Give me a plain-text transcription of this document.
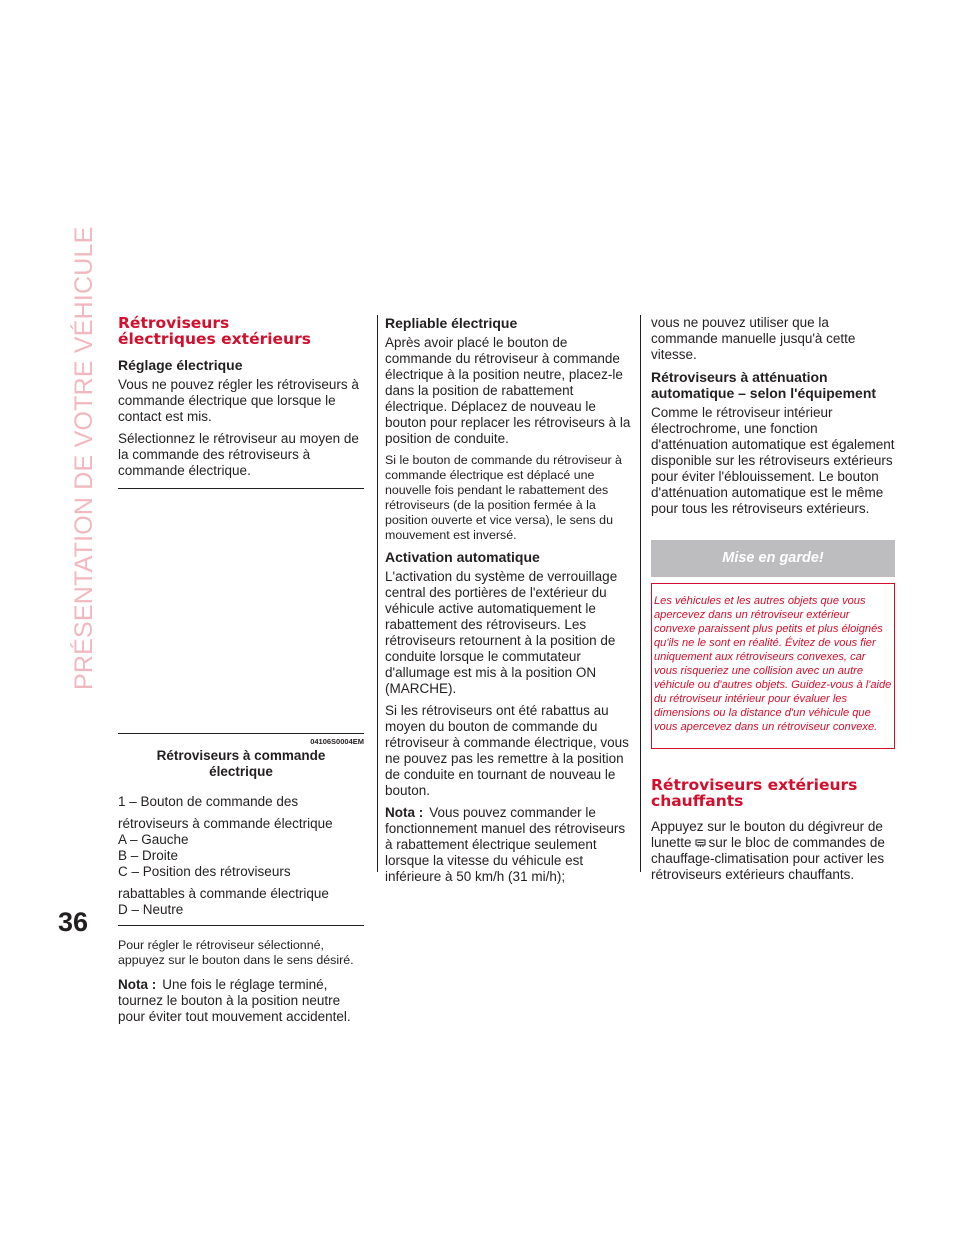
PRÉSENTATION DE VOTRE VÉHICULE
36
Rétroviseurs
électriques extérieurs
Réglage électrique

Vous ne pouvez régler les rétroviseurs à commande électrique que lorsque le contact est mis.

Sélectionnez le rétroviseur au moyen de la commande des rétroviseurs à commande électrique.

04106S0004EM
Rétroviseurs à commande
électrique

1 – Bouton de commande des

rétroviseurs à commande électrique

A – Gauche

B – Droite

C – Position des rétroviseurs

rabattables à commande électrique

D – Neutre

Pour régler le rétroviseur sélectionné, appuyez sur le bouton dans le sens désiré.

Nota : Une fois le réglage terminé, tournez le bouton à la position neutre pour éviter tout mouvement accidentel.

Repliable électrique

Après avoir placé le bouton de commande du rétroviseur à commande électrique à la position neutre, placez-le dans la position de rabattement électrique. Déplacez de nouveau le bouton pour replacer les rétroviseurs à la position de conduite.

Si le bouton de commande du rétroviseur à commande électrique est déplacé une nouvelle fois pendant le rabattement des rétroviseurs (de la position fermée à la position ouverte et vice versa), le sens du mouvement est inversé.

Activation automatique

L'activation du système de verrouillage central des portières de l'extérieur du véhicule active automatiquement le rabattement des rétroviseurs. Les rétroviseurs retournent à la position de conduite lorsque le commutateur d'allumage est mis à la position ON (MARCHE).

Si les rétroviseurs ont été rabattus au moyen du bouton de commande du rétroviseur à commande électrique, vous ne pouvez pas les remettre à la position de conduite en tournant de nouveau le bouton.

Nota : Vous pouvez commander le fonctionnement manuel des rétroviseurs à rabattement électrique seulement lorsque la vitesse du véhicule est inférieure à 50 km/h (31 mi/h);

vous ne pouvez utiliser que la commande manuelle jusqu'à cette vitesse.

Rétroviseurs à atténuation
automatique – selon l'équipement

Comme le rétroviseur intérieur électrochrome, une fonction d'atténuation automatique est également disponible sur les rétroviseurs extérieurs pour éviter l'éblouissement. Le bouton d'atténuation automatique est le même pour tous les rétroviseurs extérieurs.

Mise en garde!

Les véhicules et les autres objets que vous apercevez dans un rétroviseur extérieur convexe paraissent plus petits et plus éloignés qu'ils ne le sont en réalité. Évitez de vous fier uniquement aux rétroviseurs convexes, car vous risqueriez une collision avec un autre véhicule ou d'autres objets. Guidez-vous à l'aide du rétroviseur intérieur pour évaluer les dimensions ou la distance d'un véhicule que vous apercevez dans un rétroviseur convexe.

Rétroviseurs extérieurs
chauffants

Appuyez sur le bouton du dégivreur de lunette sur le bloc de commandes de chauffage-climatisation pour activer les rétroviseurs extérieurs chauffants.
